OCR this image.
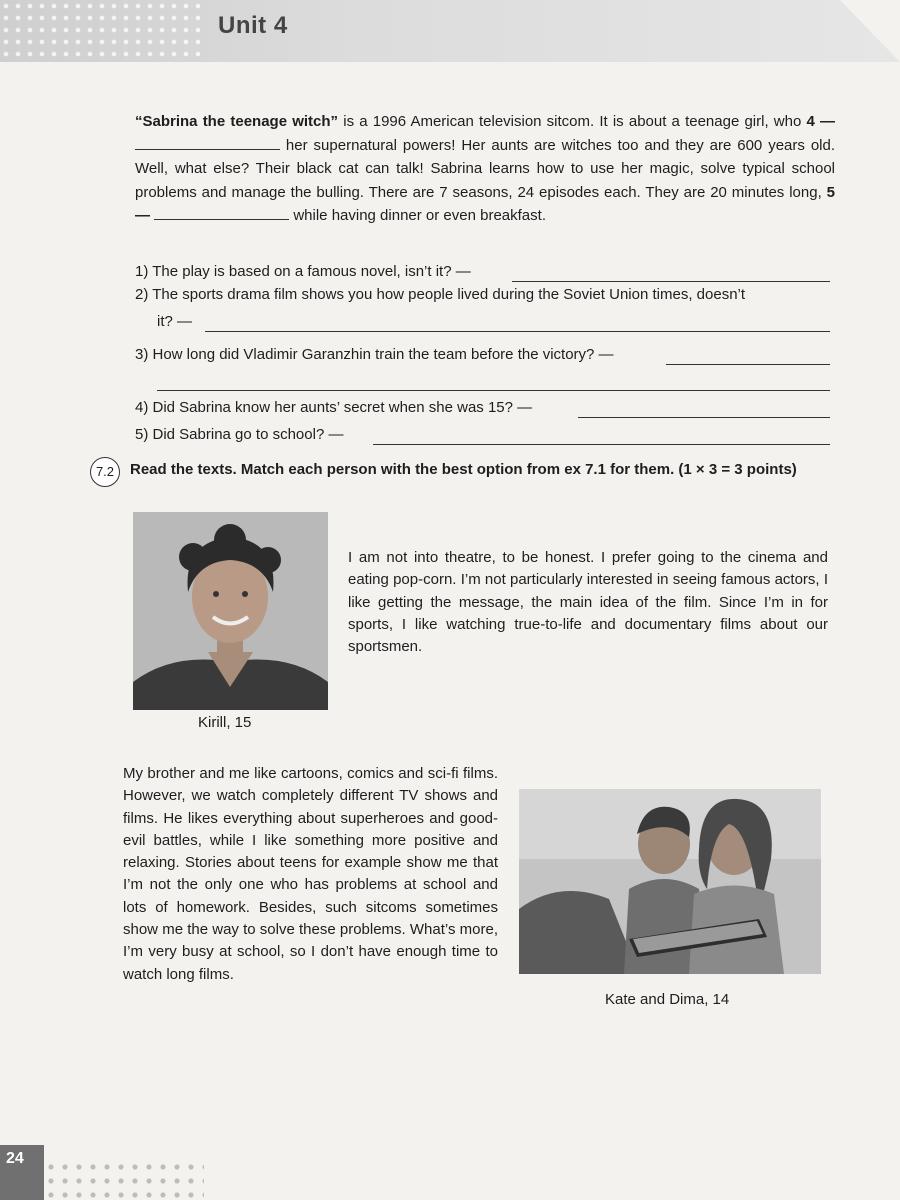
Unit 4
“Sabrina the teenage witch” is a 1996 American television sitcom. It is about a teenage girl, who 4 —  her supernatural powers! Her aunts are witches too and they are 600 years old. Well, what else? Their black cat can talk! Sabrina learns how to use her magic, solve typical school problems and manage the bulling. There are 7 seasons, 24 episodes each. They are 20 minutes long, 5 —	while having dinner or even breakfast.
1) The play is based on a famous novel, isn’t it? —
2) The sports drama film shows you how people lived during the Soviet Union times, doesn’t
it? —
3) How long did Vladimir Garanzhin train the team before the victory? —
4) Did Sabrina know her aunts’ secret when she was 15? —
5) Did Sabrina go to school? —
7.2	Read the texts. Match each person with the best option from ex 7.1 for them. (1 × 3 = 3 points)
Kirill, 15
I am not into theatre, to be honest. I prefer going to the cinema and eating pop-corn. I’m not particularly interested in seeing famous actors, I like getting the message, the main idea of the film. Since I’m in for sports, I like watching true-to-life and documentary films about our sportsmen.
My brother and me like cartoons, comics and sci-fi films. However, we watch completely different TV shows and films. He likes everything about superheroes and good-evil battles, while I like something more positive and relaxing. Stories about teens for example show me that I’m not the only one who has problems at school and lots of homework. Besides, such sitcoms sometimes show me the way to solve these problems. What’s more, I’m very busy at school, so I don’t have enough time to watch long films.
Kate and Dima, 14
24
